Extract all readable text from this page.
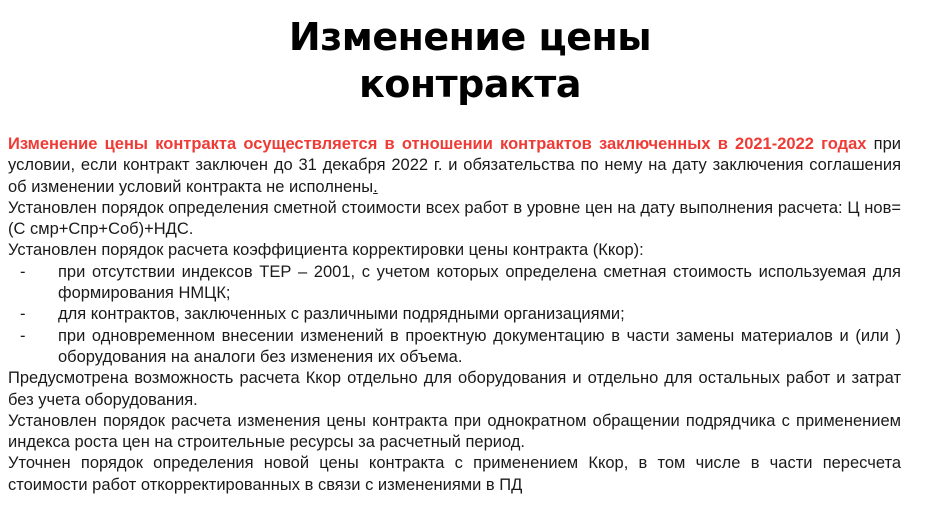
Изменение цены
контракта

Изменение цены контракта осуществляется в отношении контрактов заключенных в 2021-2022 годах при условии, если контракт заключен до 31 декабря 2022 г. и обязательства по нему на дату заключения соглашения об изменении условий контракта не исполнены.

Установлен порядок определения сметной стоимости всех работ в уровне цен на дату выполнения расчета: Ц нов= (С смр+Спр+Соб)+НДС.

Установлен порядок расчета коэффициента корректировки цены контракта (Ккор):

-	при отсутствии индексов ТЕР – 2001, с учетом которых определена сметная стоимость используемая для формирования НМЦК;

-	для контрактов, заключенных с различными подрядными организациями;

-	при одновременном внесении изменений в проектную документацию в части замены материалов и (или ) оборудования на аналоги без изменения их объема.

Предусмотрена возможность расчета Ккор отдельно для оборудования и отдельно для остальных работ и затрат без учета оборудования.

Установлен порядок расчета изменения цены контракта при однократном обращении подрядчика с применением индекса роста цен на строительные ресурсы за расчетный период.

Уточнен порядок определения новой цены контракта с применением Ккор, в том числе в части пересчета стоимости работ откорректированных в связи с изменениями в ПД
